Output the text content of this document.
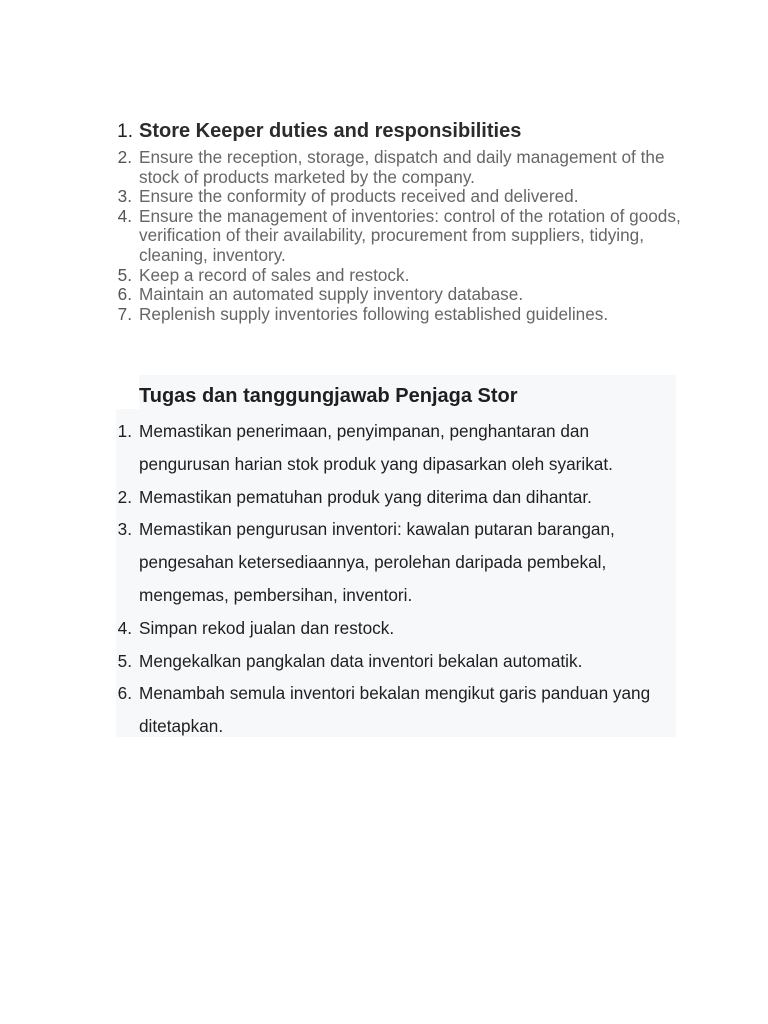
1. Store Keeper duties and responsibilities
2. Ensure the reception, storage, dispatch and daily management of the stock of products marketed by the company.
3. Ensure the conformity of products received and delivered.
4. Ensure the management of inventories: control of the rotation of goods, verification of their availability, procurement from suppliers, tidying, cleaning, inventory.
5. Keep a record of sales and restock.
6. Maintain an automated supply inventory database.
7. Replenish supply inventories following established guidelines.
Tugas dan tanggungjawab Penjaga Stor
1. Memastikan penerimaan, penyimpanan, penghantaran dan pengurusan harian stok produk yang dipasarkan oleh syarikat.
2. Memastikan pematuhan produk yang diterima dan dihantar.
3. Memastikan pengurusan inventori: kawalan putaran barangan, pengesahan ketersediaannya, perolehan daripada pembekal, mengemas, pembersihan, inventori.
4. Simpan rekod jualan dan restock.
5. Mengekalkan pangkalan data inventori bekalan automatik.
6. Menambah semula inventori bekalan mengikut garis panduan yang ditetapkan.
